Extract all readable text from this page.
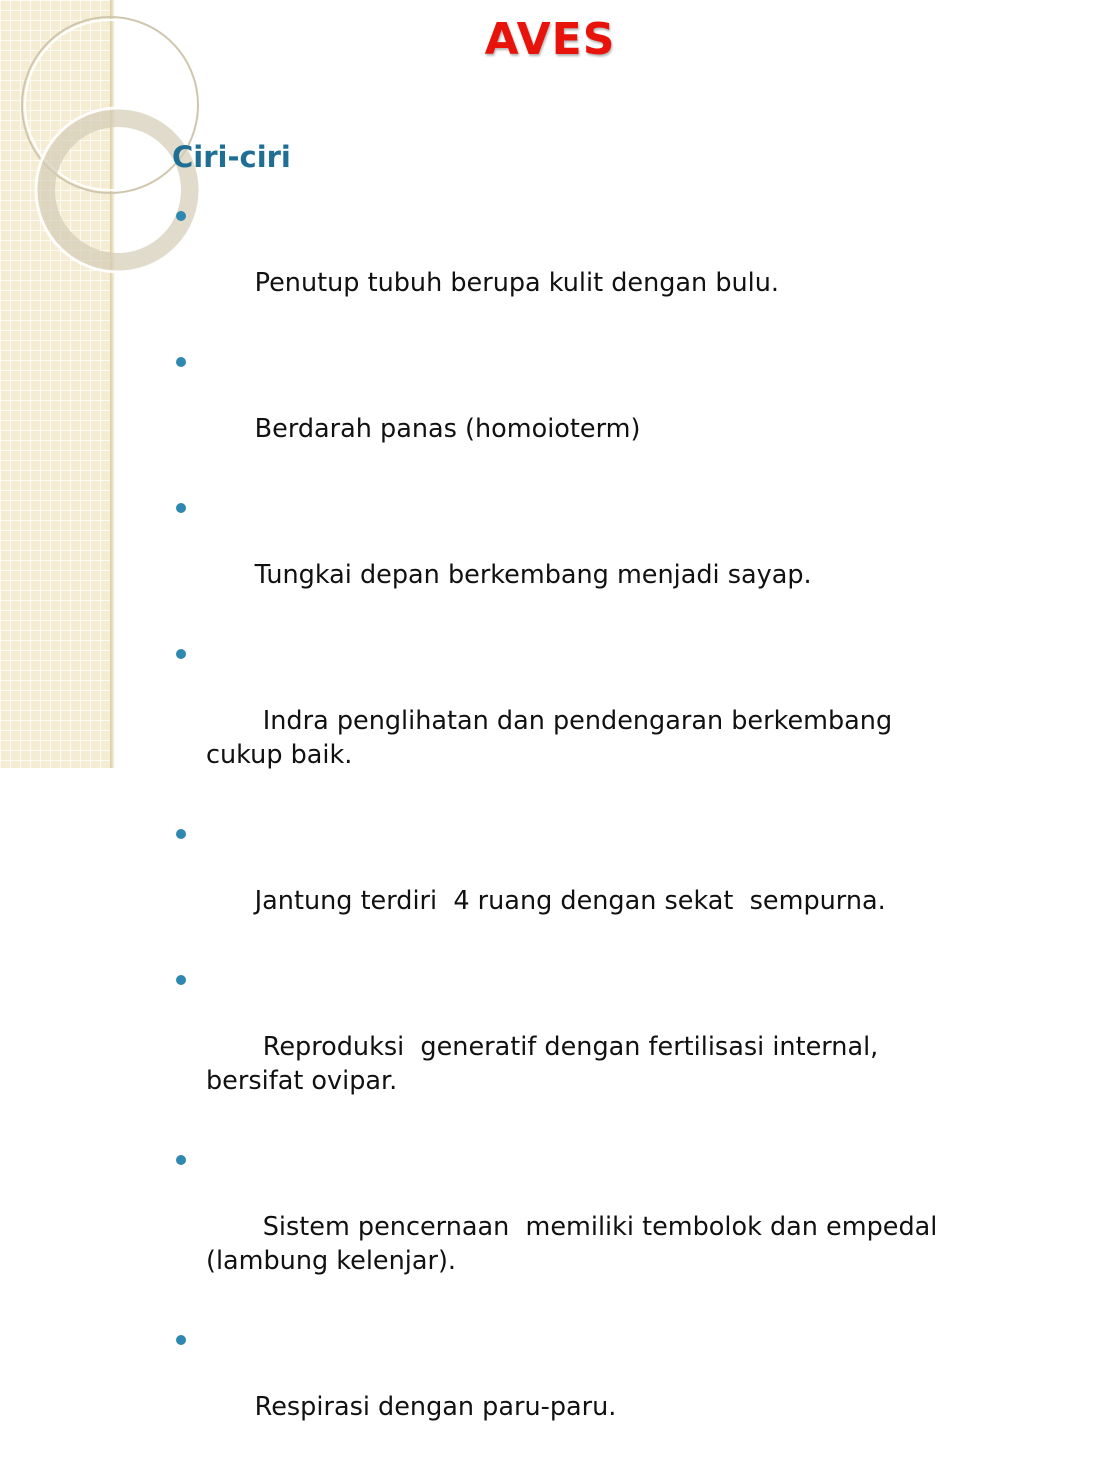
AVES
Ciri-ciri

Penutup tubuh berupa kulit dengan bulu.

Berdarah panas (homoioterm)

Tungkai depan berkembang menjadi sayap.

Indra penglihatan dan pendengaran berkembang cukup baik.

Jantung terdiri  4 ruang dengan sekat  sempurna.

Reproduksi  generatif dengan fertilisasi internal, bersifat ovipar.

Sistem pencernaan  memiliki tembolok dan empedal (lambung kelenjar).

Respirasi dengan paru-paru.
